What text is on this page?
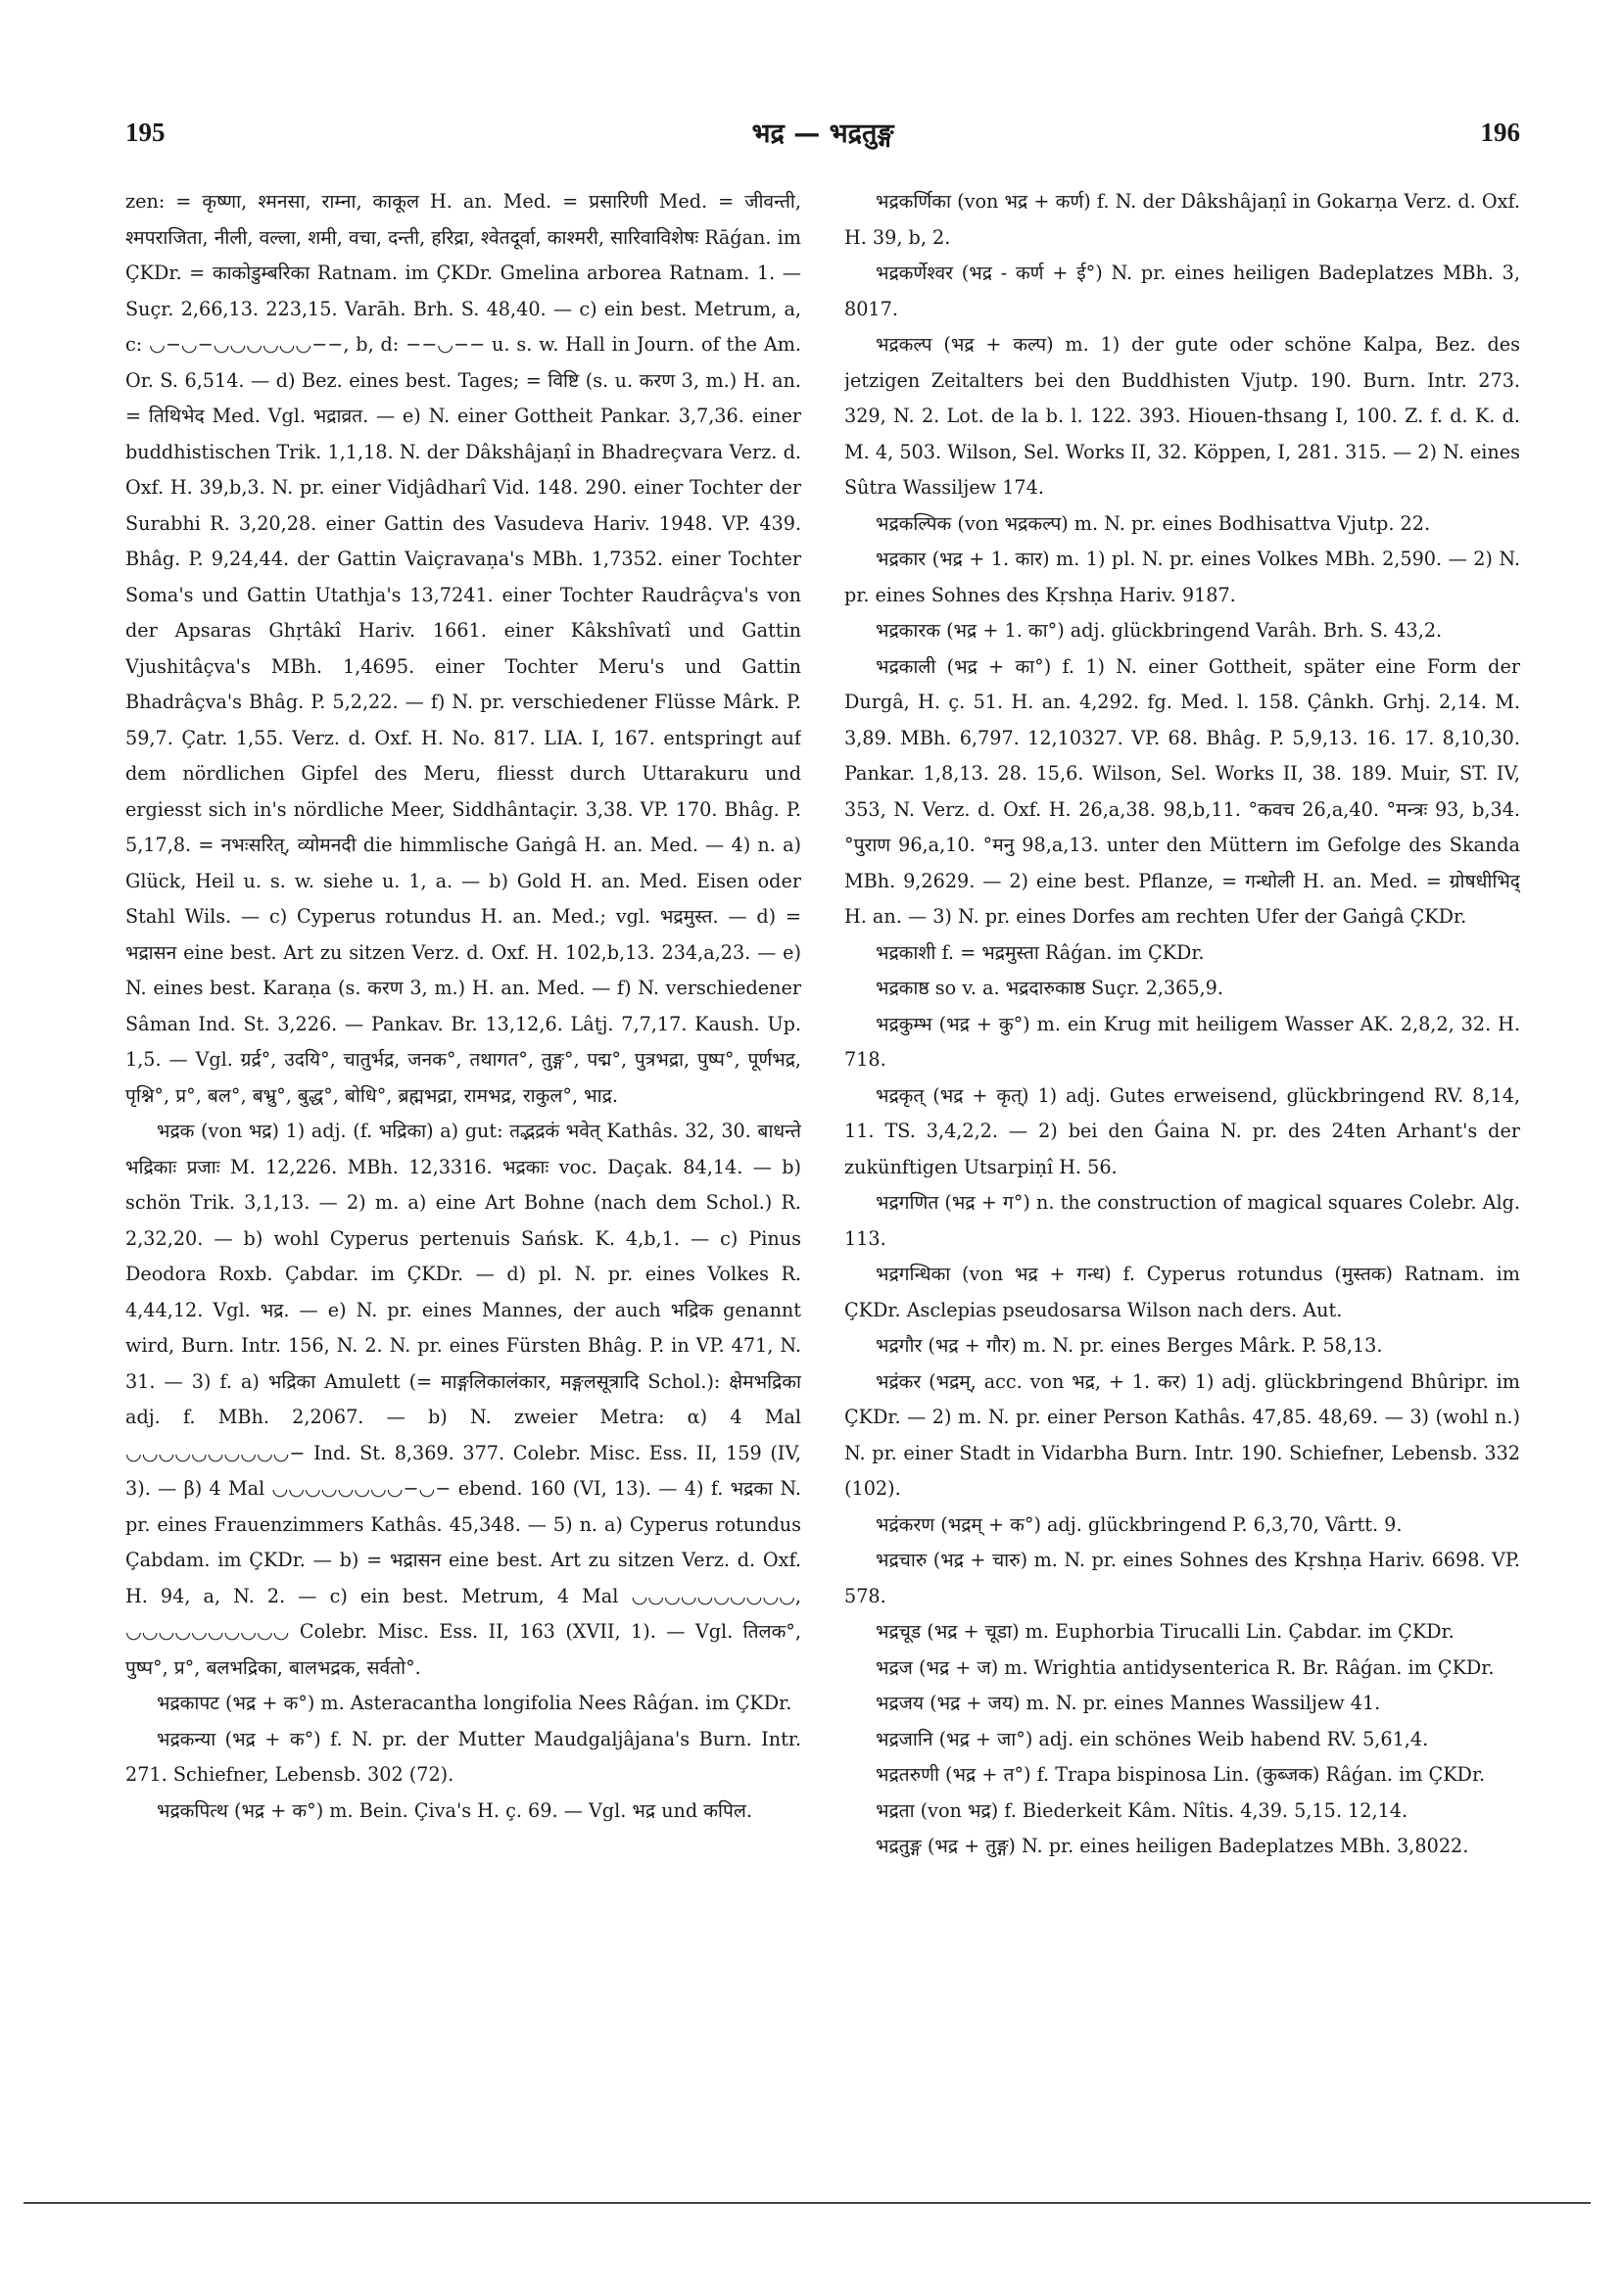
195	भद्र — भद्रतुङ्ग	196

zen: = कृष्णा, श्मनसा, राम्ना, काकूल H. an. Med. = प्रसारिणी Med. = जीवन्ती, श्मपराजिता, नीली, वल्ला, शमी, वचा, दन्ती, हरिद्रा, श्वेतदूर्वा, काश्मरी, सारिवाविशेषः Rāǵan. im ÇKDr. = काकोडुम्बरिका Ratnam. im ÇKDr. Gmelina arborea Ratnam. 1. — Suçr. 2,66,13. 223,15. Varāh. Brh. S. 48,40. — c) ein best. Metrum, a, c: ◡−◡−◡◡◡◡◡◡−−, b, d: −−◡−− u. s. w. Hall in Journ. of the Am. Or. S. 6,514. — d) Bez. eines best. Tages; = विष्टि (s. u. करण 3, m.) H. an. = तिथिभेद Med. Vgl. भद्राव्रत. — e) N. einer Gottheit Pankar. 3,7,36. einer buddhistischen Trik. 1,1,18. N. der Dâkshâjaṇî in Bhadreçvara Verz. d. Oxf. H. 39,b,3. N. pr. einer Vidjâdharî Vid. 148. 290. einer Tochter der Surabhi R. 3,20,28. einer Gattin des Vasudeva Hariv. 1948. VP. 439. Bhâg. P. 9,24,44. der Gattin Vaiçravaṇa's MBh. 1,7352. einer Tochter Soma's und Gattin Utathja's 13,7241. einer Tochter Raudrâçva's von der Apsaras Ghṛtâkî Hariv. 1661. einer Kâkshîvatî und Gattin Vjushitâçva's MBh. 1,4695. einer Tochter Meru's und Gattin Bhadrâçva's Bhâg. P. 5,2,22. — f) N. pr. verschiedener Flüsse Mârk. P. 59,7. Çatr. 1,55. Verz. d. Oxf. H. No. 817. LIA. I, 167. entspringt auf dem nördlichen Gipfel des Meru, fliesst durch Uttarakuru und ergiesst sich in's nördliche Meer, Siddhântaçir. 3,38. VP. 170. Bhâg. P. 5,17,8. = नभःसरित्, व्योमनदी die himmlische Gaṅgâ H. an. Med. — 4) n. a) Glück, Heil u. s. w. siehe u. 1, a. — b) Gold H. an. Med. Eisen oder Stahl Wils. — c) Cyperus rotundus H. an. Med.; vgl. भद्रमुस्त. — d) = भद्रासन eine best. Art zu sitzen Verz. d. Oxf. H. 102,b,13. 234,a,23. — e) N. eines best. Karaṇa (s. करण 3, m.) H. an. Med. — f) N. verschiedener Sâman Ind. St. 3,226. — Pankav. Br. 13,12,6. Lâṭj. 7,7,17. Kaush. Up. 1,5. — Vgl. ग्रर्द्र°, उदयि°, चातुर्भद्र, जनक°, तथागत°, तुङ्ग°, पद्म°, पुत्रभद्रा, पुष्प°, पूर्णभद्र, पृश्नि°, प्र°, बल°, बभ्रु°, बुद्ध°, बोधि°, ब्रह्मभद्रा, रामभद्र, राकुल°, भाद्र.

भद्रक (von भद्र) 1) adj. (f. भद्रिका) a) gut: तद्भद्रकं भवेत् Kathâs. 32, 30. बाधन्ते भद्रिकाः प्रजाः M. 12,226. MBh. 12,3316. भद्रकाः voc. Daçak. 84,14. — b) schön Trik. 3,1,13. — 2) m. a) eine Art Bohne (nach dem Schol.) R. 2,32,20. — b) wohl Cyperus pertenuis Sańsk. K. 4,b,1. — c) Pinus Deodora Roxb. Çabdar. im ÇKDr. — d) pl. N. pr. eines Volkes R. 4,44,12. Vgl. भद्र. — e) N. pr. eines Mannes, der auch भद्रिक genannt wird, Burn. Intr. 156, N. 2. N. pr. eines Fürsten Bhâg. P. in VP. 471, N. 31. — 3) f. a) भद्रिका Amulett (= माङ्गलिकालंकार, मङ्गलसूत्रादि Schol.): क्षेमभद्रिका adj. f. MBh. 2,2067. — b) N. zweier Metra: α) 4 Mal ◡◡◡◡◡◡◡◡◡◡− Ind. St. 8,369. 377. Colebr. Misc. Ess. II, 159 (IV, 3). — β) 4 Mal ◡◡◡◡◡◡◡◡−◡− ebend. 160 (VI, 13). — 4) f. भद्रका N. pr. eines Frauenzimmers Kathâs. 45,348. — 5) n. a) Cyperus rotundus Çabdam. im ÇKDr. — b) = भद्रासन eine best. Art zu sitzen Verz. d. Oxf. H. 94, a, N. 2. — c) ein best. Metrum, 4 Mal ◡◡◡◡◡◡◡◡◡◡, ◡◡◡◡◡◡◡◡◡◡ Colebr. Misc. Ess. II, 163 (XVII, 1). — Vgl. तिलक°, पुष्प°, प्र°, बलभद्रिका, बालभद्रक, सर्वतो°.

भद्रकापट (भद्र + क°) m. Asteracantha longifolia Nees Râǵan. im ÇKDr.

भद्रकन्या (भद्र + क°) f. N. pr. der Mutter Maudgaljâjana's Burn. Intr. 271. Schiefner, Lebensb. 302 (72).

भद्रकपित्थ (भद्र + क°) m. Bein. Çiva's H. ç. 69. — Vgl. भद्र und कपिल.

भद्रकर्णिका (von भद्र + कर्ण) f. N. der Dâkshâjaṇî in Gokarṇa Verz. d. Oxf. H. 39, b, 2.

भद्रकर्णेश्वर (भद्र - कर्ण + ई°) N. pr. eines heiligen Badeplatzes MBh. 3, 8017.

भद्रकल्प (भद्र + कल्प) m. 1) der gute oder schöne Kalpa, Bez. des jetzigen Zeitalters bei den Buddhisten Vjutp. 190. Burn. Intr. 273. 329, N. 2. Lot. de la b. l. 122. 393. Hiouen-thsang I, 100. Z. f. d. K. d. M. 4, 503. Wilson, Sel. Works II, 32. Köppen, I, 281. 315. — 2) N. eines Sûtra Wassiljew 174.

भद्रकल्पिक (von भद्रकल्प) m. N. pr. eines Bodhisattva Vjutp. 22.

भद्रकार (भद्र + 1. कार) m. 1) pl. N. pr. eines Volkes MBh. 2,590. — 2) N. pr. eines Sohnes des Kṛshṇa Hariv. 9187.

भद्रकारक (भद्र + 1. का°) adj. glückbringend Varâh. Brh. S. 43,2.

भद्रकाली (भद्र + का°) f. 1) N. einer Gottheit, später eine Form der Durgâ, H. ç. 51. H. an. 4,292. fg. Med. l. 158. Çânkh. Grhj. 2,14. M. 3,89. MBh. 6,797. 12,10327. VP. 68. Bhâg. P. 5,9,13. 16. 17. 8,10,30. Pankar. 1,8,13. 28. 15,6. Wilson, Sel. Works II, 38. 189. Muir, ST. IV, 353, N. Verz. d. Oxf. H. 26,a,38. 98,b,11. °कवच 26,a,40. °मन्त्रः 93, b,34. °पुराण 96,a,10. °मनु 98,a,13. unter den Müttern im Gefolge des Skanda MBh. 9,2629. — 2) eine best. Pflanze, = गन्धोली H. an. Med. = ग्रोषधीभिद् H. an. — 3) N. pr. eines Dorfes am rechten Ufer der Gaṅgâ ÇKDr.

भद्रकाशी f. = भद्रमुस्ता Râǵan. im ÇKDr.

भद्रकाष्ठ so v. a. भद्रदारुकाष्ठ Suçr. 2,365,9.

भद्रकुम्भ (भद्र + कु°) m. ein Krug mit heiligem Wasser AK. 2,8,2, 32. H. 718.

भद्रकृत् (भद्र + कृत्) 1) adj. Gutes erweisend, glückbringend RV. 8,14, 11. TS. 3,4,2,2. — 2) bei den Ǵaina N. pr. des 24ten Arhant's der zukünftigen Utsarpiṇî H. 56.

भद्रगणित (भद्र + ग°) n. the construction of magical squares Colebr. Alg. 113.

भद्रगन्धिका (von भद्र + गन्ध) f. Cyperus rotundus (मुस्तक) Ratnam. im ÇKDr. Asclepias pseudosarsa Wilson nach ders. Aut.

भद्रगौर (भद्र + गौर) m. N. pr. eines Berges Mârk. P. 58,13.

भद्रंकर (भद्रम्, acc. von भद्र, + 1. कर) 1) adj. glückbringend Bhûripr. im ÇKDr. — 2) m. N. pr. einer Person Kathâs. 47,85. 48,69. — 3) (wohl n.) N. pr. einer Stadt in Vidarbha Burn. Intr. 190. Schiefner, Lebensb. 332 (102).

भद्रंकरण (भद्रम् + क°) adj. glückbringend P. 6,3,70, Vârtt. 9.

भद्रचारु (भद्र + चारु) m. N. pr. eines Sohnes des Kṛshṇa Hariv. 6698. VP. 578.

भद्रचूड (भद्र + चूडा) m. Euphorbia Tirucalli Lin. Çabdar. im ÇKDr.

भद्रज (भद्र + ज) m. Wrightia antidysenterica R. Br. Râǵan. im ÇKDr.

भद्रजय (भद्र + जय) m. N. pr. eines Mannes Wassiljew 41.

भद्रजानि (भद्र + जा°) adj. ein schönes Weib habend RV. 5,61,4.

भद्रतरुणी (भद्र + त°) f. Trapa bispinosa Lin. (कुब्जक) Râǵan. im ÇKDr.

भद्रता (von भद्र) f. Biederkeit Kâm. Nîtis. 4,39. 5,15. 12,14.

भद्रतुङ्ग (भद्र + तुङ्ग) N. pr. eines heiligen Badeplatzes MBh. 3,8022.
